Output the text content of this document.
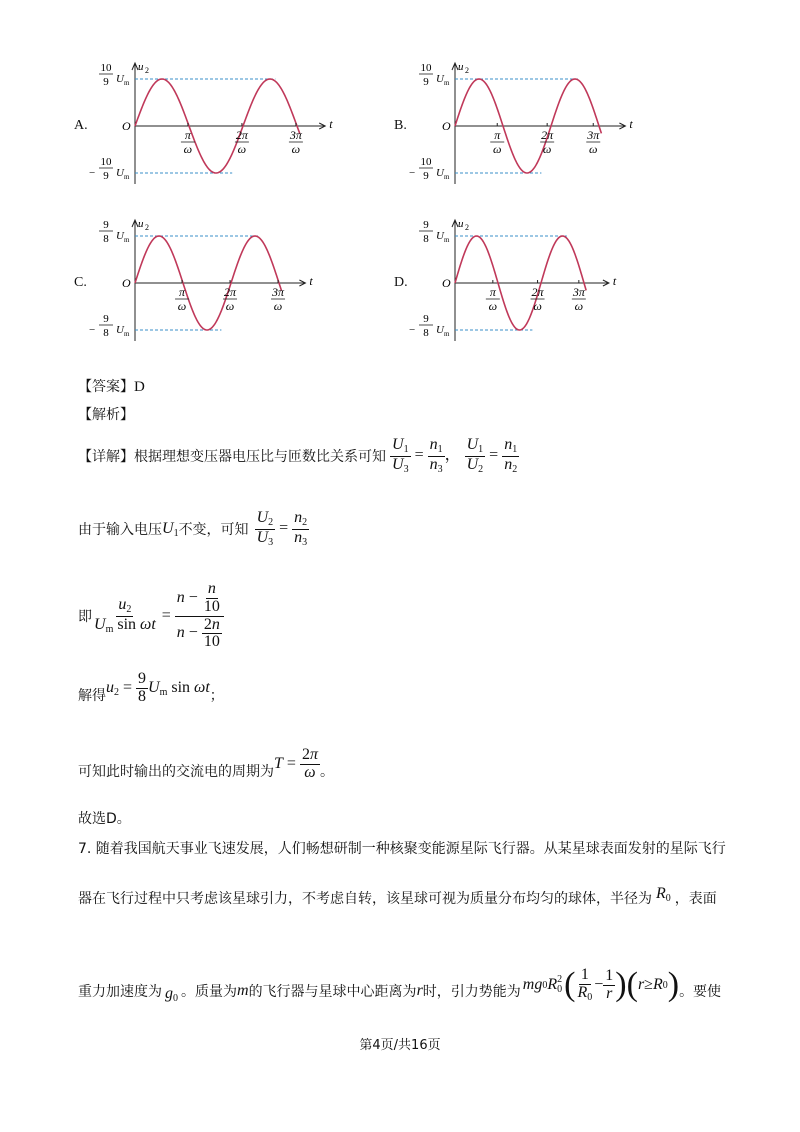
π
ω
2π
ω
3π
ω
O	t
u 2
10
9 U m
−
10
9 U m
A.
π
ω
2π
ω
3π
ω
O	t
u 2
10
9 U m
−
10
9 U m
B.
π
ω
2π
ω
3π
ω
O	t
u 2
9
8 U m
−
9
8 U m
C.
π
ω
2π
ω
3π
ω
O	t
u 2
9
8 U m
−
9
8 U m
D.
【答案】D
【解析】
【详解】 根据理想变压器电压比与匝数比关系可知 $\frac{U_1}{U_3} = \frac{n_1}{n_3}$ ， $\frac{U_1}{U_2} = \frac{n_1}{n_2}$
由于输入电压 $U_1$ 不变，可知 $\frac{U_2}{U_3} = \frac{n_2}{n_3}$
即 $\frac{u_2}{U_m \sin \omega t} = \frac{n - \frac{n}{10}}{n - \frac{2n}{10}}$
解得
$u_2 = \frac{9}{8} U_m$ sin ωt
；
可知此时输出的交流电的周期为
$T = \frac{2\pi}{\omega}$ 。
故选D。
7. 随着我国航天事业飞速发展，人们畅想研制一种核聚变能源星际飞行器。从某星球表面发射的星际飞行
器在飞行过程中只考虑该星球引力，不考虑自转，该星球可视为质量分布均匀的球体，半径为 $R_0$ ，表面
重力加速度为 $g_0$ 。质量为 m 的飞行器与星球中心距离为 r 时，引力势能为 mg 0 R 2
0 ( $\frac{1}{R_0} - \frac{1}{r}$ ) ( r ≥ R 0 ) 。要使
第4页/共16页
